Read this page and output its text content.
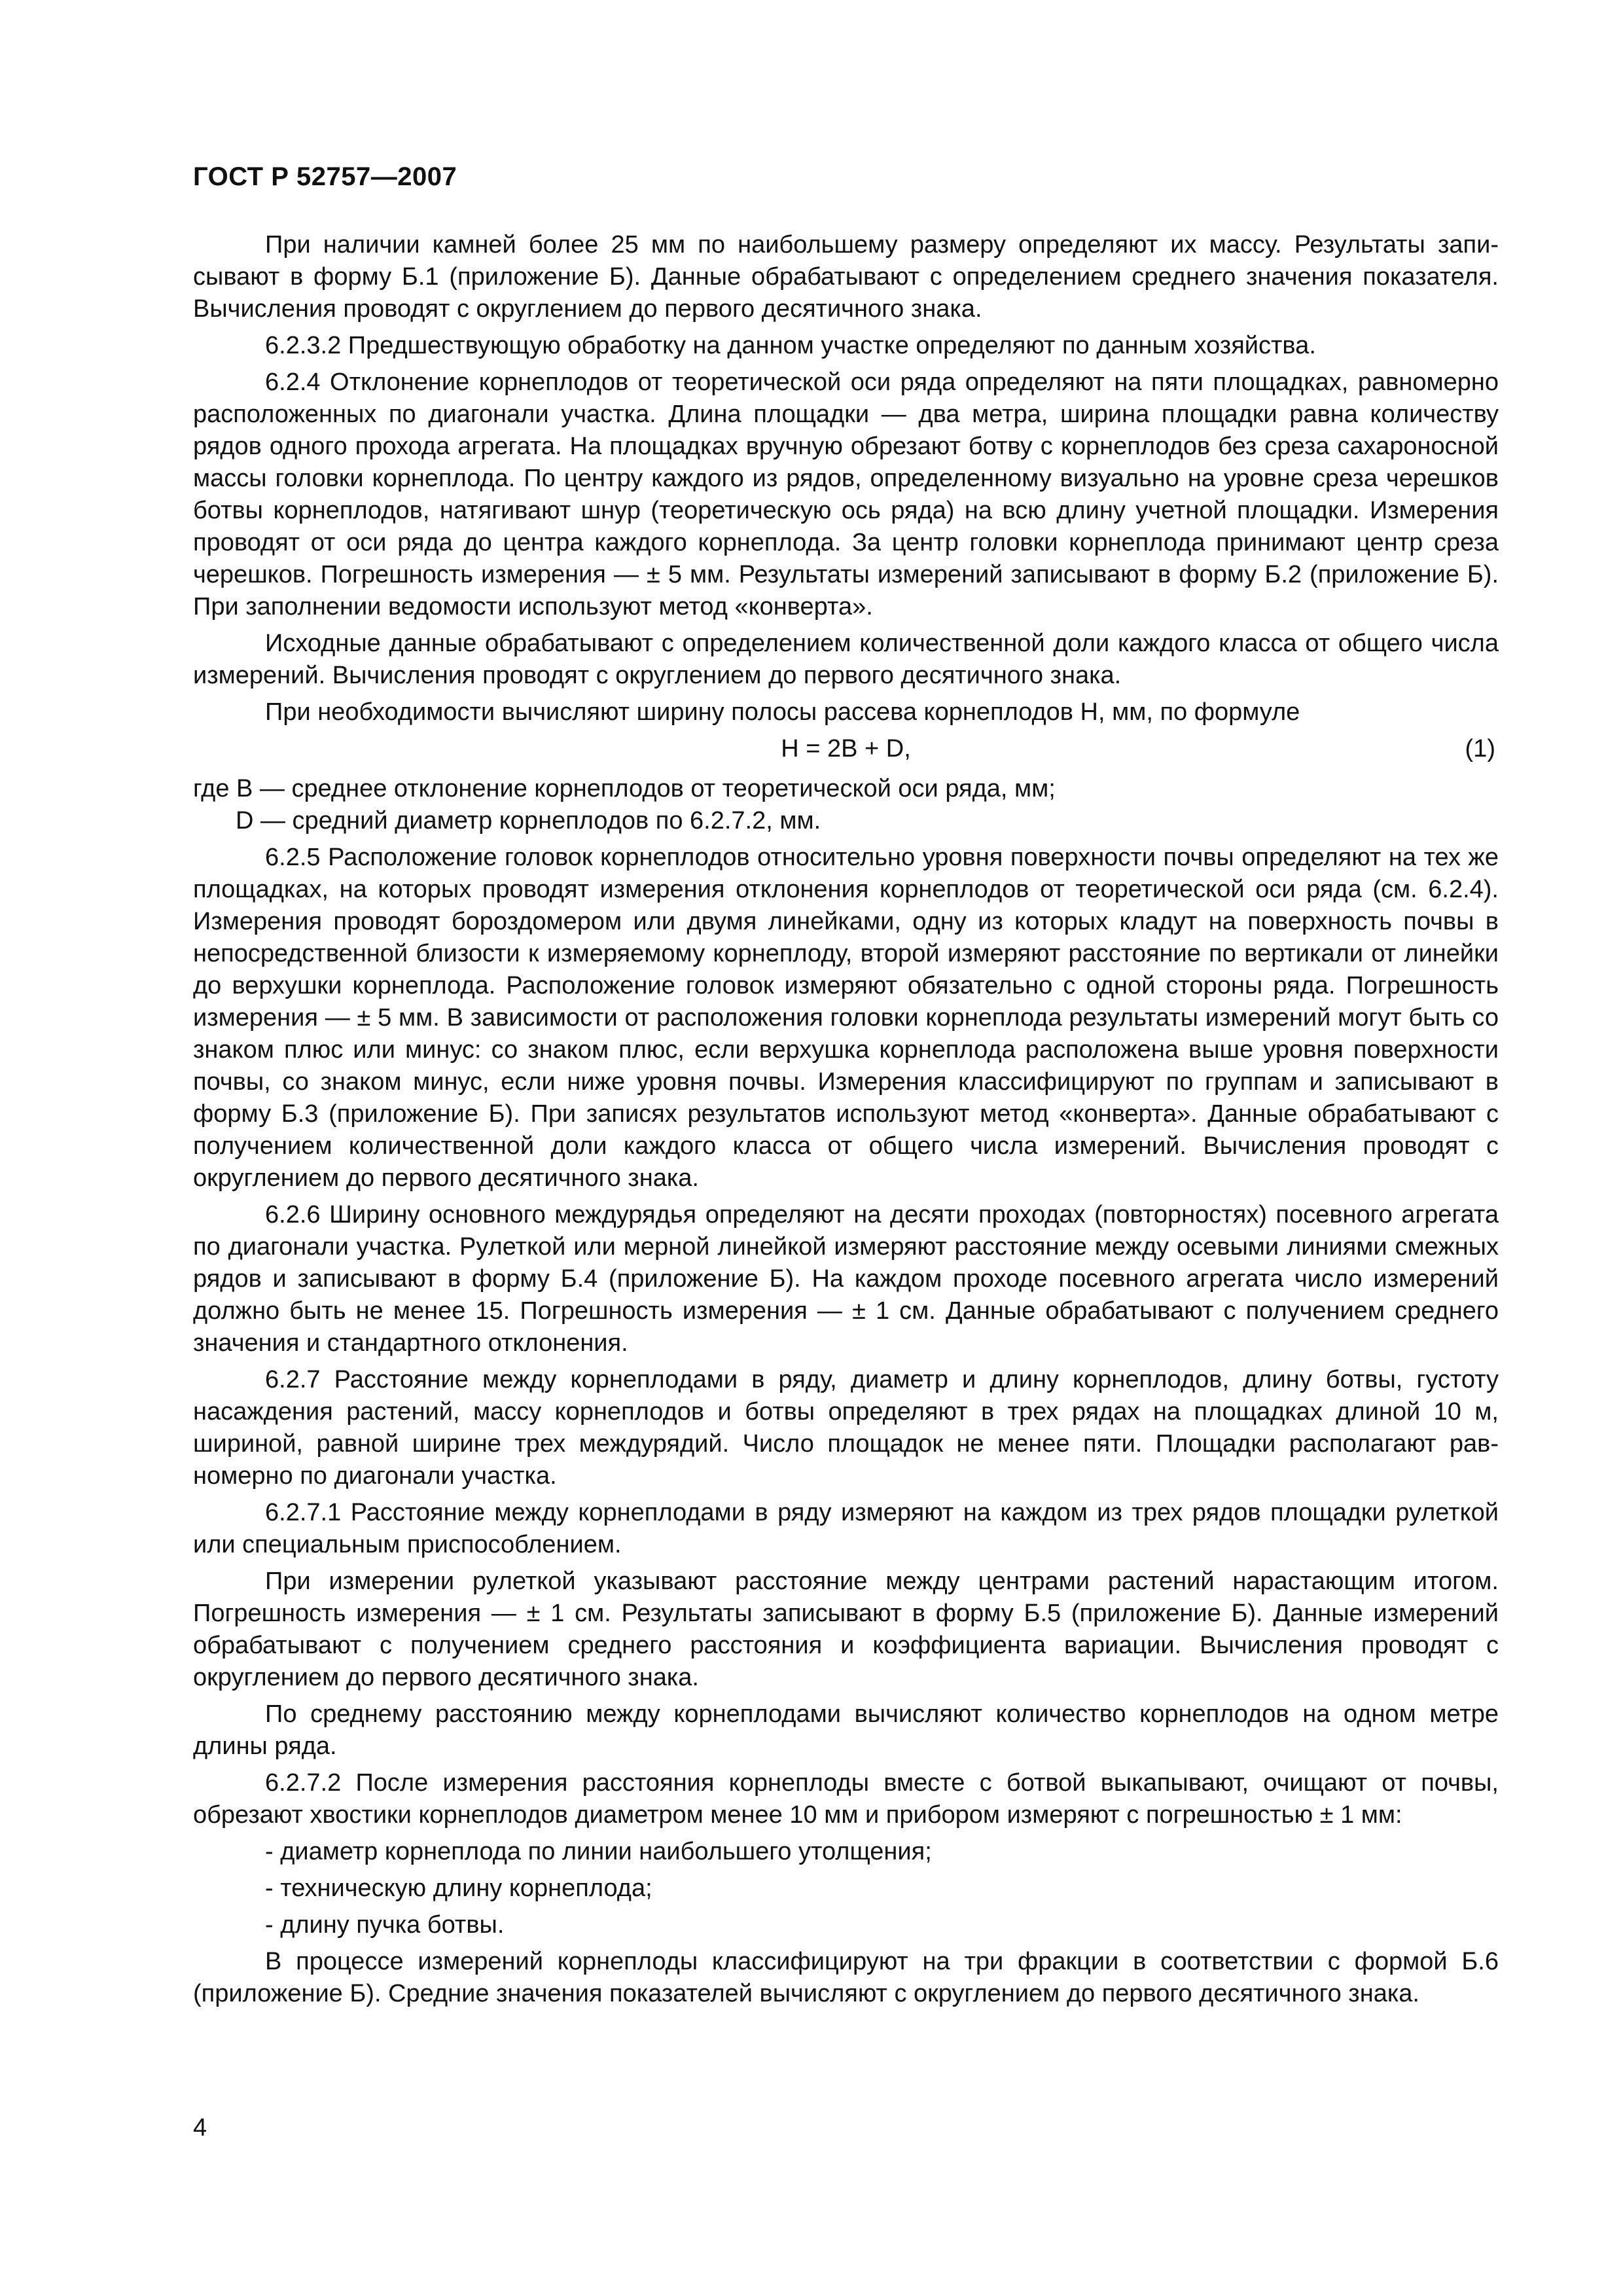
ГОСТ Р 52757—2007

При наличии камней более 25 мм по наибольшему размеру определяют их массу. Результаты записывают в форму Б.1 (приложение Б). Данные обрабатывают с определением среднего значения показателя. Вычисления проводят с округлением до первого десятичного знака.

6.2.3.2 Предшествующую обработку на данном участке определяют по данным хозяйства.

6.2.4 Отклонение корнеплодов от теоретической оси ряда определяют на пяти площадках, равномерно расположенных по диагонали участка. Длина площадки — два метра, ширина площадки равна количеству рядов одного прохода агрегата. На площадках вручную обрезают ботву с корнеплодов без среза сахароносной массы головки корнеплода. По центру каждого из рядов, определенному визуально на уровне среза черешков ботвы корнеплодов, натягивают шнур (теоретическую ось ряда) на всю длину учетной площадки. Измерения проводят от оси ряда до центра каждого корнеплода. За центр головки корнеплода принимают центр среза черешков. Погрешность измерения — ± 5 мм. Результаты измерений записывают в форму Б.2 (приложение Б). При заполнении ведомости используют метод «конверта».

Исходные данные обрабатывают с определением количественной доли каждого класса от общего числа измерений. Вычисления проводят с округлением до первого десятичного знака.

При необходимости вычисляют ширину полосы рассева корнеплодов H, мм, по формуле

H = 2B + D,	(1)

где B — среднее отклонение корнеплодов от теоретической оси ряда, мм;

D — средний диаметр корнеплодов по 6.2.7.2, мм.

6.2.5 Расположение головок корнеплодов относительно уровня поверхности почвы определяют на тех же площадках, на которых проводят измерения отклонения корнеплодов от теоретической оси ряда (см. 6.2.4). Измерения проводят бороздомером или двумя линейками, одну из которых кладут на поверхность почвы в непосредственной близости к измеряемому корнеплоду, второй измеряют расстояние по вертикали от линейки до верхушки корнеплода. Расположение головок измеряют обязательно с одной стороны ряда. Погрешность измерения — ± 5 мм. В зависимости от расположения головки корнеплода результаты измерений могут быть со знаком плюс или минус: со знаком плюс, если верхушка корнеплода расположена выше уровня поверхности почвы, со знаком минус, если ниже уровня почвы. Измерения классифицируют по группам и записывают в форму Б.3 (приложение Б). При записях результатов используют метод «конверта». Данные обрабатывают с получением количественной доли каждого класса от общего числа измерений. Вычисления проводят с округлением до первого десятичного знака.

6.2.6 Ширину основного междурядья определяют на десяти проходах (повторностях) посевного агрегата по диагонали участка. Рулеткой или мерной линейкой измеряют расстояние между осевыми линиями смежных рядов и записывают в форму Б.4 (приложение Б). На каждом проходе посевного агрегата число измерений должно быть не менее 15. Погрешность измерения — ± 1 см. Данные обрабатывают с получением среднего значения и стандартного отклонения.

6.2.7 Расстояние между корнеплодами в ряду, диаметр и длину корнеплодов, длину ботвы, густоту насаждения растений, массу корнеплодов и ботвы определяют в трех рядах на площадках длиной 10 м, шириной, равной ширине трех междурядий. Число площадок не менее пяти. Площадки располагают равномерно по диагонали участка.

6.2.7.1 Расстояние между корнеплодами в ряду измеряют на каждом из трех рядов площадки рулеткой или специальным приспособлением.

При измерении рулеткой указывают расстояние между центрами растений нарастающим итогом. Погрешность измерения — ± 1 см. Результаты записывают в форму Б.5 (приложение Б). Данные измерений обрабатывают с получением среднего расстояния и коэффициента вариации. Вычисления проводят с округлением до первого десятичного знака.

По среднему расстоянию между корнеплодами вычисляют количество корнеплодов на одном метре длины ряда.

6.2.7.2 После измерения расстояния корнеплоды вместе с ботвой выкапывают, очищают от почвы, обрезают хвостики корнеплодов диаметром менее 10 мм и прибором измеряют с погрешностью ± 1 мм:

- диаметр корнеплода по линии наибольшего утолщения;

- техническую длину корнеплода;

- длину пучка ботвы.

В процессе измерений корнеплоды классифицируют на три фракции в соответствии с формой Б.6 (приложение Б). Средние значения показателей вычисляют с округлением до первого десятичного знака.

4
